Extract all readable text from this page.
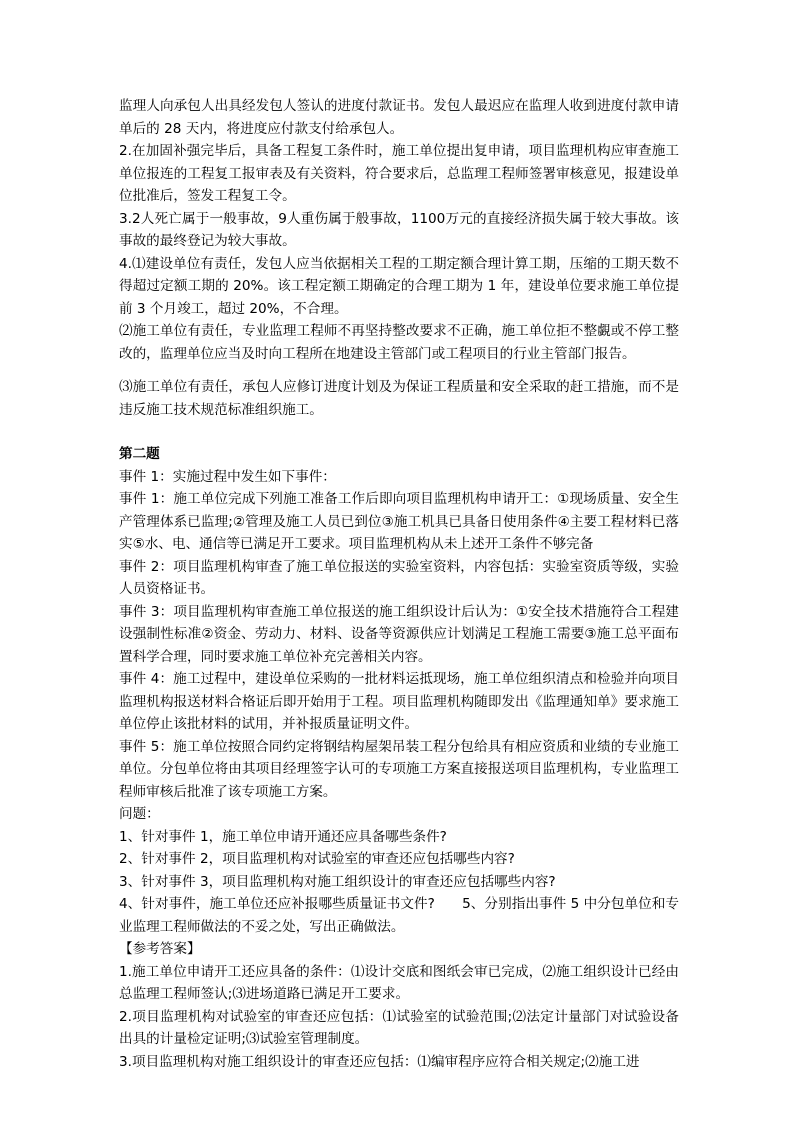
监理人向承包人出具经发包人签认的进度付款证书。发包人最迟应在监理人收到进度付款申请单后的 28 天内，将进度应付款支付给承包人。

2.在加固补强完毕后，具备工程复工条件时，施工单位提出复申请，项目监理机构应审查施工单位报连的工程复工报审表及有关资料，符合要求后，总监理工程师签署审核意见，报建设单位批准后，签发工程复工令。

3.2人死亡属于一般事故，9人重伤属于般事故，1100万元的直接经济损失属于较大事故。该事故的最终登记为较大事故。

4.⑴建设单位有责任，发包人应当依据相关工程的工期定额合理计算工期，压缩的工期天数不得超过定额工期的 20%。该工程定额工期确定的合理工期为 1 年，建设单位要求施工单位提前 3 个月竣工，超过 20%，不合理。

⑵施工单位有责任，专业监理工程师不再坚持整改要求不正确，施工单位拒不整覷或不停工整改的，监理单位应当及时向工程所在地建设主管部门或工程项目的行业主管部门报告。

⑶施工单位有责任，承包人应修订进度计划及为保证工程质量和安全采取的赶工措施，而不是违反施工技术规范标准组织施工。

第二题

事件 1：实施过程中发生如下事件：

事件 1：施工单位完成下列施工准备工作后即向项目监理机构申请开工：①现场质量、安全生产管理体系已监理;②管理及施工人员已到位③施工机具已具备日使用条件④主要工程材料已落实⑤水、电、通信等已满足开工要求。项目监理机构从未上述开工条件不够完备

事件 2：项目监理机构审查了施工单位报送的实验室资料，内容包括：实验室资质等级，实验人员资格证书。

事件 3：项目监理机构审查施工单位报送的施工组织设计后认为：①安全技术措施符合工程建设强制性标准②资金、劳动力、材料、设备等资源供应计划满足工程施工需要③施工总平面布置科学合理，同时要求施工单位补充完善相关内容。

事件 4：施工过程中，建设单位采购的一批材料运抵现场，施工单位组织清点和检验并向项目监理机构报送材料合格证后即开始用于工程。项目监理机构随即发出《监理通知单》要求施工单位停止该批材料的试用，并补报质量证明文件。

事件 5：施工单位按照合同约定将钢结构屋架吊装工程分包给具有相应资质和业绩的专业施工单位。分包单位将由其项目经理签字认可的专项施工方案直接报送项目监理机构，专业监理工程师审核后批准了该专项施工方案。

问题：

1、针对事件 1，施工单位申请开通还应具备哪些条件?

2、针对事件 2，项目监理机构对试验室的审查还应包括哪些内容?

3、针对事件 3，项目监理机构对施工组织设计的审查还应包括哪些内容?

4、针对事件，施工单位还应补报哪些质量证书文件?　　5、分别指出事件 5 中分包单位和专业监理工程师做法的不妥之处，写出正确做法。

【参考答案】

1.施工单位申请开工还应具备的条件：⑴设计交底和图纸会审已完成，⑵施工组织设计已经由总监理工程师签认;⑶进场道路已满足开工要求。

2.项目监理机构对试验室的审查还应包括：⑴试验室的试验范围;⑵法定计量部门对试验设备出具的计量检定证明;⑶试验室管理制度。

3.项目监理机构对施工组织设计的审查还应包括：⑴编审程序应符合相关规定;⑵施工进
